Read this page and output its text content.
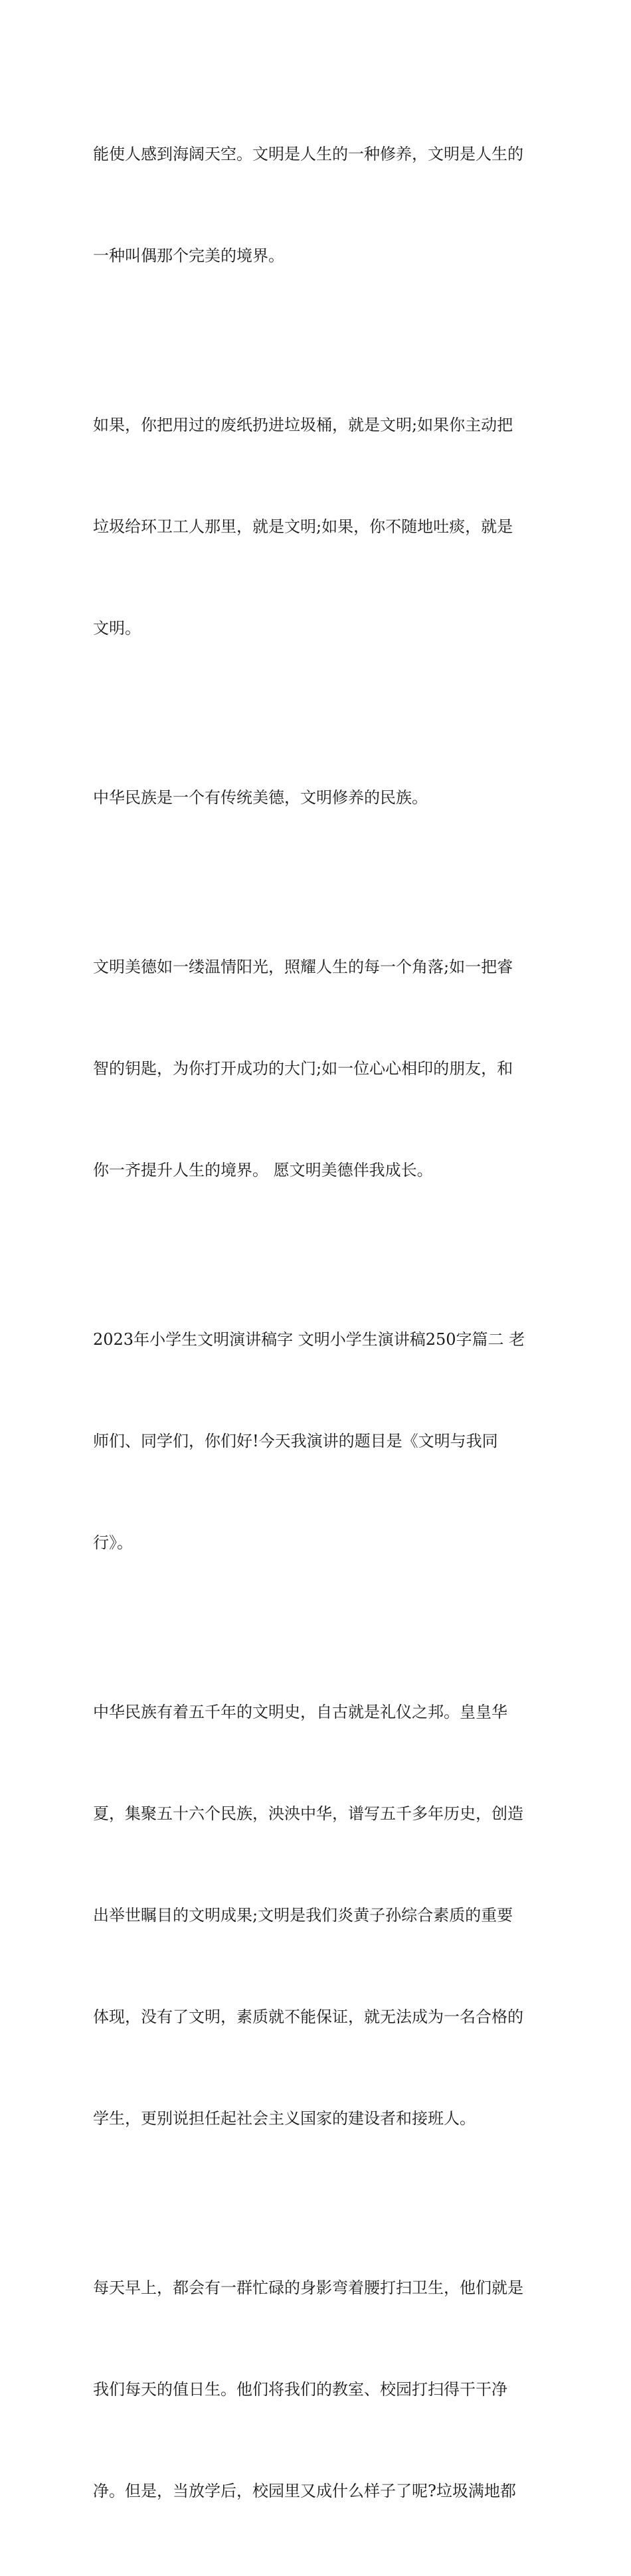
能使人感到海阔天空。文明是人生的一种修养，文明是人生的

一种叫偶那个完美的境界。

如果，你把用过的废纸扔进垃圾桶，就是文明;如果你主动把

垃圾给环卫工人那里，就是文明;如果，你不随地吐痰，就是

文明。

中华民族是一个有传统美德，文明修养的民族。

文明美德如一缕温情阳光，照耀人生的每一个角落;如一把睿

智的钥匙，为你打开成功的大门;如一位心心相印的朋友，和

你一齐提升人生的境界。 愿文明美德伴我成长。

2023年小学生文明演讲稿字 文明小学生演讲稿250字篇二 老

师们、同学们，你们好!今天我演讲的题目是《文明与我同

行》。

中华民族有着五千年的文明史，自古就是礼仪之邦。皇皇华

夏，集聚五十六个民族，泱泱中华，谱写五千多年历史，创造

出举世瞩目的文明成果;文明是我们炎黄子孙综合素质的重要

体现，没有了文明，素质就不能保证，就无法成为一名合格的

学生，更别说担任起社会主义国家的建设者和接班人。

每天早上，都会有一群忙碌的身影弯着腰打扫卫生，他们就是

我们每天的值日生。他们将我们的教室、校园打扫得干干净

净。但是，当放学后，校园里又成什么样子了呢?垃圾满地都
